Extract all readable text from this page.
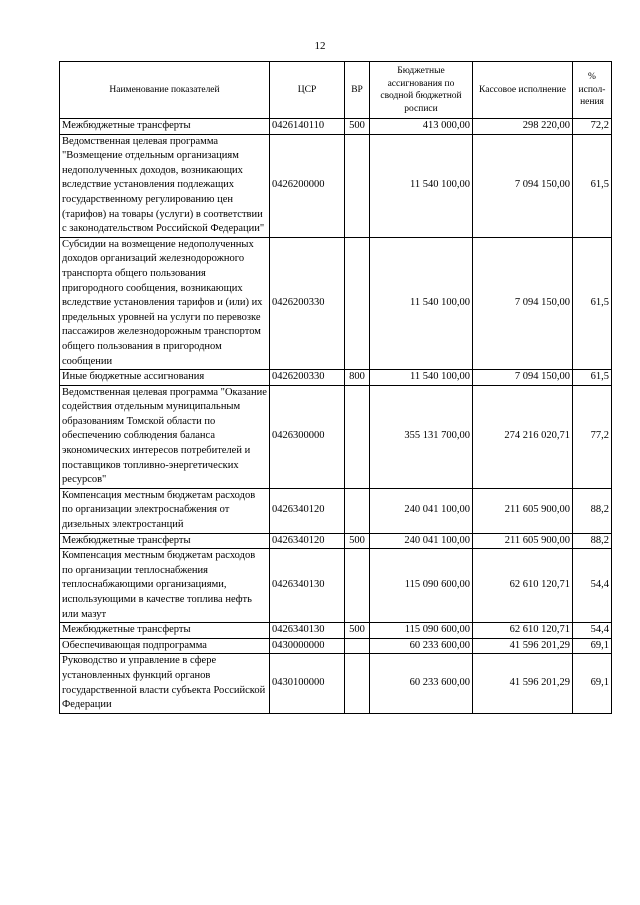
12
Наименование показателей	ЦСР	ВР	Бюджетные ассигнования по сводной бюджетной росписи	Кассовое исполнение	% испол-нения
Межбюджетные трансферты	0426140110	500	413 000,00	298 220,00	72,2
Ведомственная целевая программа "Возмещение отдельным организациям недополученных доходов, возникающих вследствие установления подлежащих государственному регулированию цен (тарифов) на товары (услуги) в соответствии с законодательством Российской Федерации"	0426200000		11 540 100,00	7 094 150,00	61,5
Субсидии на возмещение недополученных доходов организаций железнодорожного транспорта общего пользования пригородного сообщения, возникающих вследствие установления тарифов и (или) их предельных уровней на услуги по перевозке пассажиров железнодорожным транспортом общего пользования в пригородном сообщении	0426200330		11 540 100,00	7 094 150,00	61,5
Иные бюджетные ассигнования	0426200330	800	11 540 100,00	7 094 150,00	61,5
Ведомственная целевая программа "Оказание содействия отдельным муниципальным образованиям Томской области по обеспечению соблюдения баланса экономических интересов потребителей и поставщиков топливно-энергетических ресурсов"	0426300000		355 131 700,00	274 216 020,71	77,2
Компенсация местным бюджетам расходов по организации электроснабжения от дизельных электростанций	0426340120		240 041 100,00	211 605 900,00	88,2
Межбюджетные трансферты	0426340120	500	240 041 100,00	211 605 900,00	88,2
Компенсация местным бюджетам расходов по организации теплоснабжения теплоснабжающими организациями, использующими в качестве топлива нефть или мазут	0426340130		115 090 600,00	62 610 120,71	54,4
Межбюджетные трансферты	0426340130	500	115 090 600,00	62 610 120,71	54,4
Обеспечивающая подпрограмма	0430000000		60 233 600,00	41 596 201,29	69,1
Руководство и управление в сфере установленных функций органов государственной власти субъекта Российской Федерации	0430100000		60 233 600,00	41 596 201,29	69,1
